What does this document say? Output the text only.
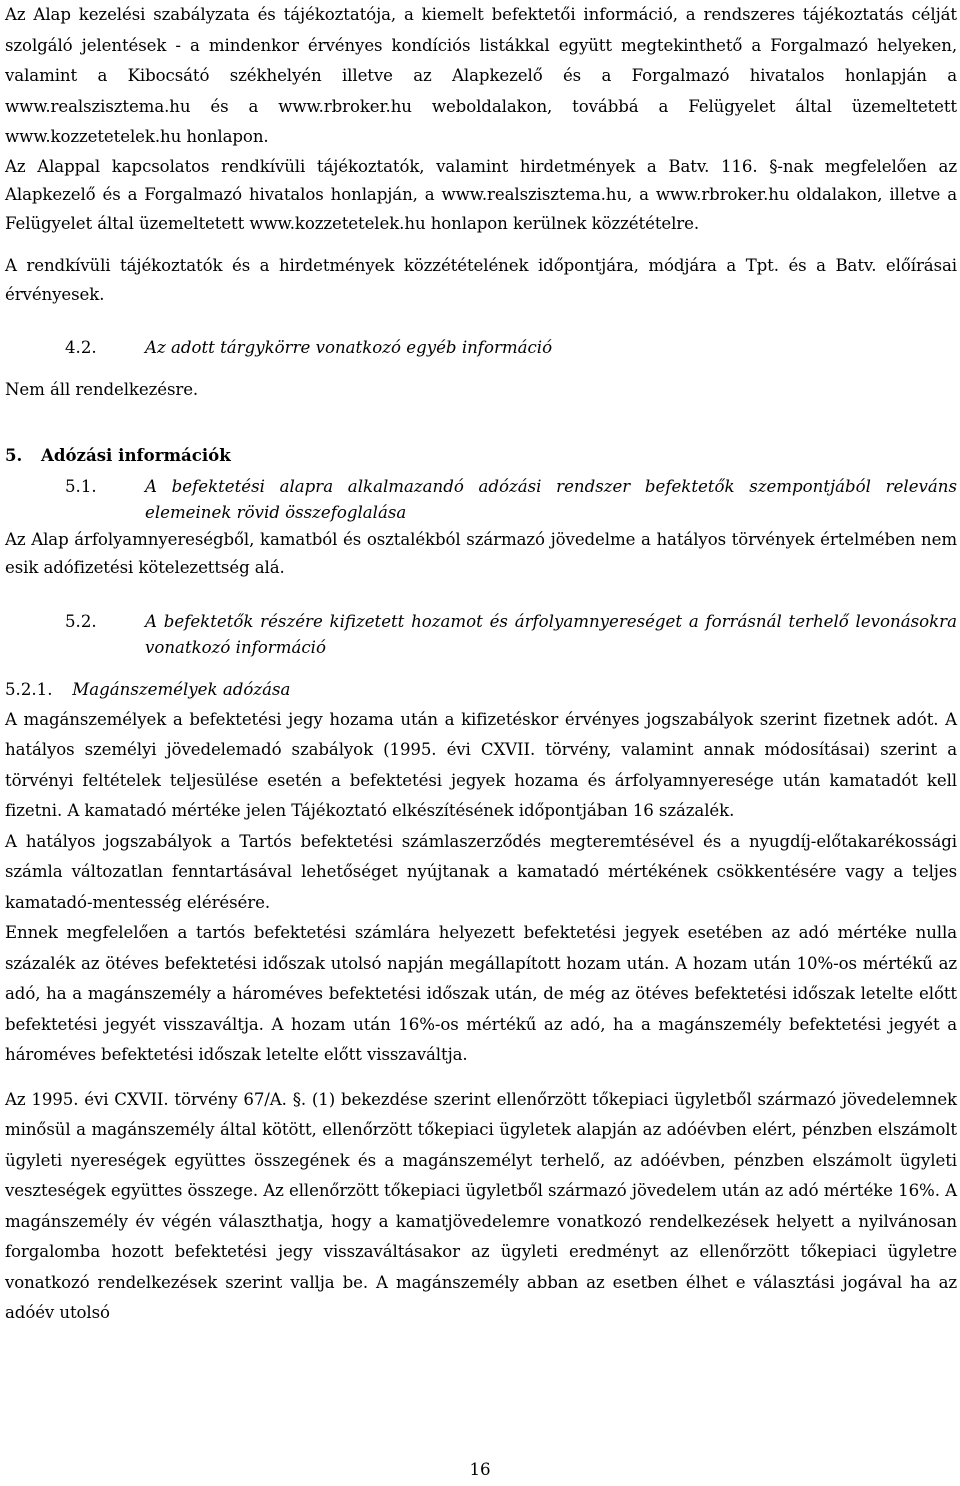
Az Alap kezelési szabályzata és tájékoztatója, a kiemelt befektetői információ, a rendszeres tájékoztatás célját szolgáló jelentések - a mindenkor érvényes kondíciós listákkal együtt megtekinthető a Forgalmazó helyeken, valamint a Kibocsátó székhelyén illetve az Alapkezelő és a Forgalmazó hivatalos honlapján a www.realszisztema.hu és a www.rbroker.hu weboldalakon, továbbá a Felügyelet által üzemeltetett www.kozzetetelek.hu honlapon.

Az Alappal kapcsolatos rendkívüli tájékoztatók, valamint hirdetmények a Batv. 116. §-nak megfelelően az Alapkezelő és a Forgalmazó hivatalos honlapján, a www.realszisztema.hu, a www.rbroker.hu oldalakon, illetve a Felügyelet által üzemeltetett www.kozzetetelek.hu honlapon kerülnek közzétételre.

A rendkívüli tájékoztatók és a hirdetmények közzétételének időpontjára, módjára a Tpt. és a Batv. előírásai érvényesek.

4.2.	Az adott tárgykörre vonatkozó egyéb információ

Nem áll rendelkezésre.

5.	Adózási információk
5.1.	A befektetési alapra alkalmazandó adózási rendszer befektetők szempontjából releváns elemeinek rövid összefoglalása

Az Alap árfolyamnyereségből, kamatból és osztalékból származó jövedelme a hatályos törvények értelmében nem esik adófizetési kötelezettség alá.

5.2.	A befektetők részére kifizetett hozamot és árfolyamnyereséget a forrásnál terhelő levonásokra vonatkozó információ
5.2.1. Magánszemélyek adózása

A magánszemélyek a befektetési jegy hozama után a kifizetéskor érvényes jogszabályok szerint fizetnek adót. A hatályos személyi jövedelemadó szabályok (1995. évi CXVII. törvény, valamint annak módosításai) szerint a törvényi feltételek teljesülése esetén a befektetési jegyek hozama és árfolyamnyeresége után kamatadót kell fizetni. A kamatadó mértéke jelen Tájékoztató elkészítésének időpontjában 16 százalék.

A hatályos jogszabályok a Tartós befektetési számlaszerződés megteremtésével és a nyugdíj-előtakarékossági számla változatlan fenntartásával lehetőséget nyújtanak a kamatadó mértékének csökkentésére vagy a teljes kamatadó-mentesség elérésére.

Ennek megfelelően a tartós befektetési számlára helyezett befektetési jegyek esetében az adó mértéke nulla százalék az ötéves befektetési időszak utolsó napján megállapított hozam után. A hozam után 10%-os mértékű az adó, ha a magánszemély a hároméves befektetési időszak után, de még az ötéves befektetési időszak letelte előtt befektetési jegyét visszaváltja. A hozam után 16%-os mértékű az adó, ha a magánszemély befektetési jegyét a hároméves befektetési időszak letelte előtt visszaváltja.

Az 1995. évi CXVII. törvény 67/A. §. (1) bekezdése szerint ellenőrzött tőkepiaci ügyletből származó jövedelemnek minősül a magánszemély által kötött, ellenőrzött tőkepiaci ügyletek alapján az adóévben elért, pénzben elszámolt ügyleti nyereségek együttes összegének és a magánszemélyt terhelő, az adóévben, pénzben elszámolt ügyleti veszteségek együttes összege. Az ellenőrzött tőkepiaci ügyletből származó jövedelem után az adó mértéke 16%. A magánszemély év végén választhatja, hogy a kamatjövedelemre vonatkozó rendelkezések helyett a nyilvánosan forgalomba hozott befektetési jegy visszaváltásakor az ügyleti eredményt az ellenőrzött tőkepiaci ügyletre vonatkozó rendelkezések szerint vallja be. A magánszemély abban az esetben élhet e választási jogával ha az adóév utolsó

16
